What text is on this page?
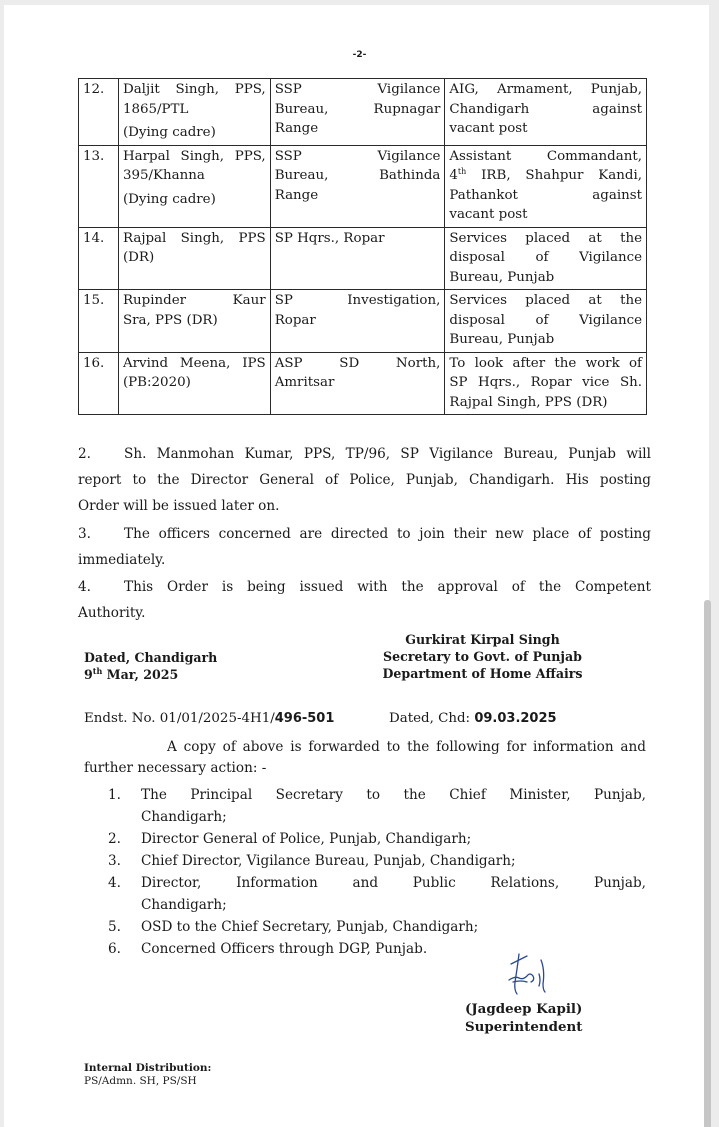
-2-
12.	Daljit Singh, PPS,
1865/PTL
(Dying cadre)	SSP Vigilance
Bureau, Rupnagar
Range	AIG, Armament, Punjab,
Chandigarh against
vacant post

13.	Harpal Singh, PPS,
395/Khanna
(Dying cadre)	SSP Vigilance
Bureau, Bathinda
Range	Assistant Commandant,
4th IRB, Shahpur Kandi,
Pathankot against
vacant post

14.	Rajpal Singh, PPS
(DR)	SP Hqrs., Ropar	Services placed at the
disposal of Vigilance
Bureau, Punjab

15.	Rupinder Kaur
Sra, PPS (DR)	SP Investigation,
Ropar	Services placed at the
disposal of Vigilance
Bureau, Punjab

16.	Arvind Meena, IPS
(PB:2020)	ASP SD North,
Amritsar	To look after the work of
SP Hqrs., Ropar vice Sh.
Rajpal Singh, PPS (DR)
2.	Sh. Manmohan Kumar, PPS, TP/96, SP Vigilance Bureau, Punjab will
report to the Director General of Police, Punjab, Chandigarh. His posting
Order will be issued later on.
3.	The officers concerned are directed to join their new place of posting
immediately.
4.	This Order is being issued with the approval of the Competent
Authority.
Dated, Chandigarh
9th Mar, 2025
Gurkirat Kirpal Singh
Secretary to Govt. of Punjab
Department of Home Affairs
Endst. No. 01/01/2025-4H1/496-501	Dated, Chd: 09.03.2025
A copy of above is forwarded to the following for information and
further necessary action: -
1.	The Principal Secretary to the Chief Minister, Punjab,
Chandigarh;
2.	Director General of Police, Punjab, Chandigarh;
3.	Chief Director, Vigilance Bureau, Punjab, Chandigarh;
4.	Director, Information and Public Relations, Punjab,
Chandigarh;
5.	OSD to the Chief Secretary, Punjab, Chandigarh;
6.	Concerned Officers through DGP, Punjab.
(Jagdeep Kapil)
Superintendent
Internal Distribution:
PS/Admn. SH, PS/SH
